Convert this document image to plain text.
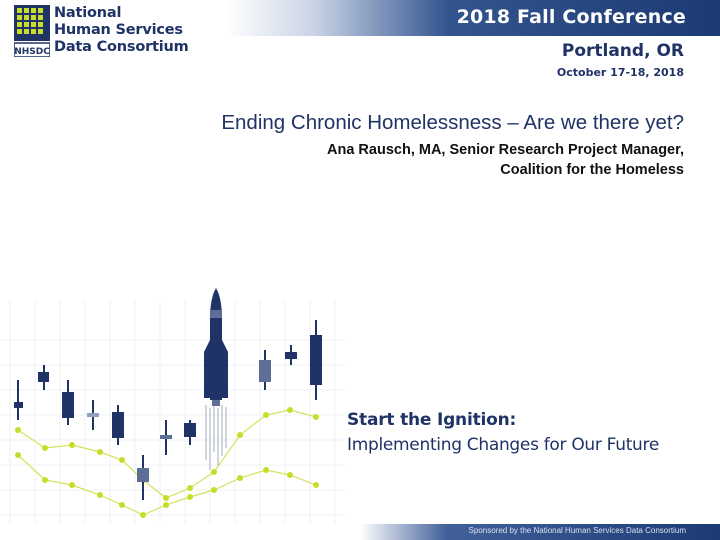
2018 Fall Conference
Portland, OR
October 17-18, 2018
NHSDC
National
Human Services
Data Consortium
Ending Chronic Homelessness – Are we there yet?
Ana Rausch, MA, Senior Research Project Manager,
Coalition for the Homeless
Start the Ignition:
Implementing Changes for Our Future
Sponsored by the National Human Services Data Consortium
